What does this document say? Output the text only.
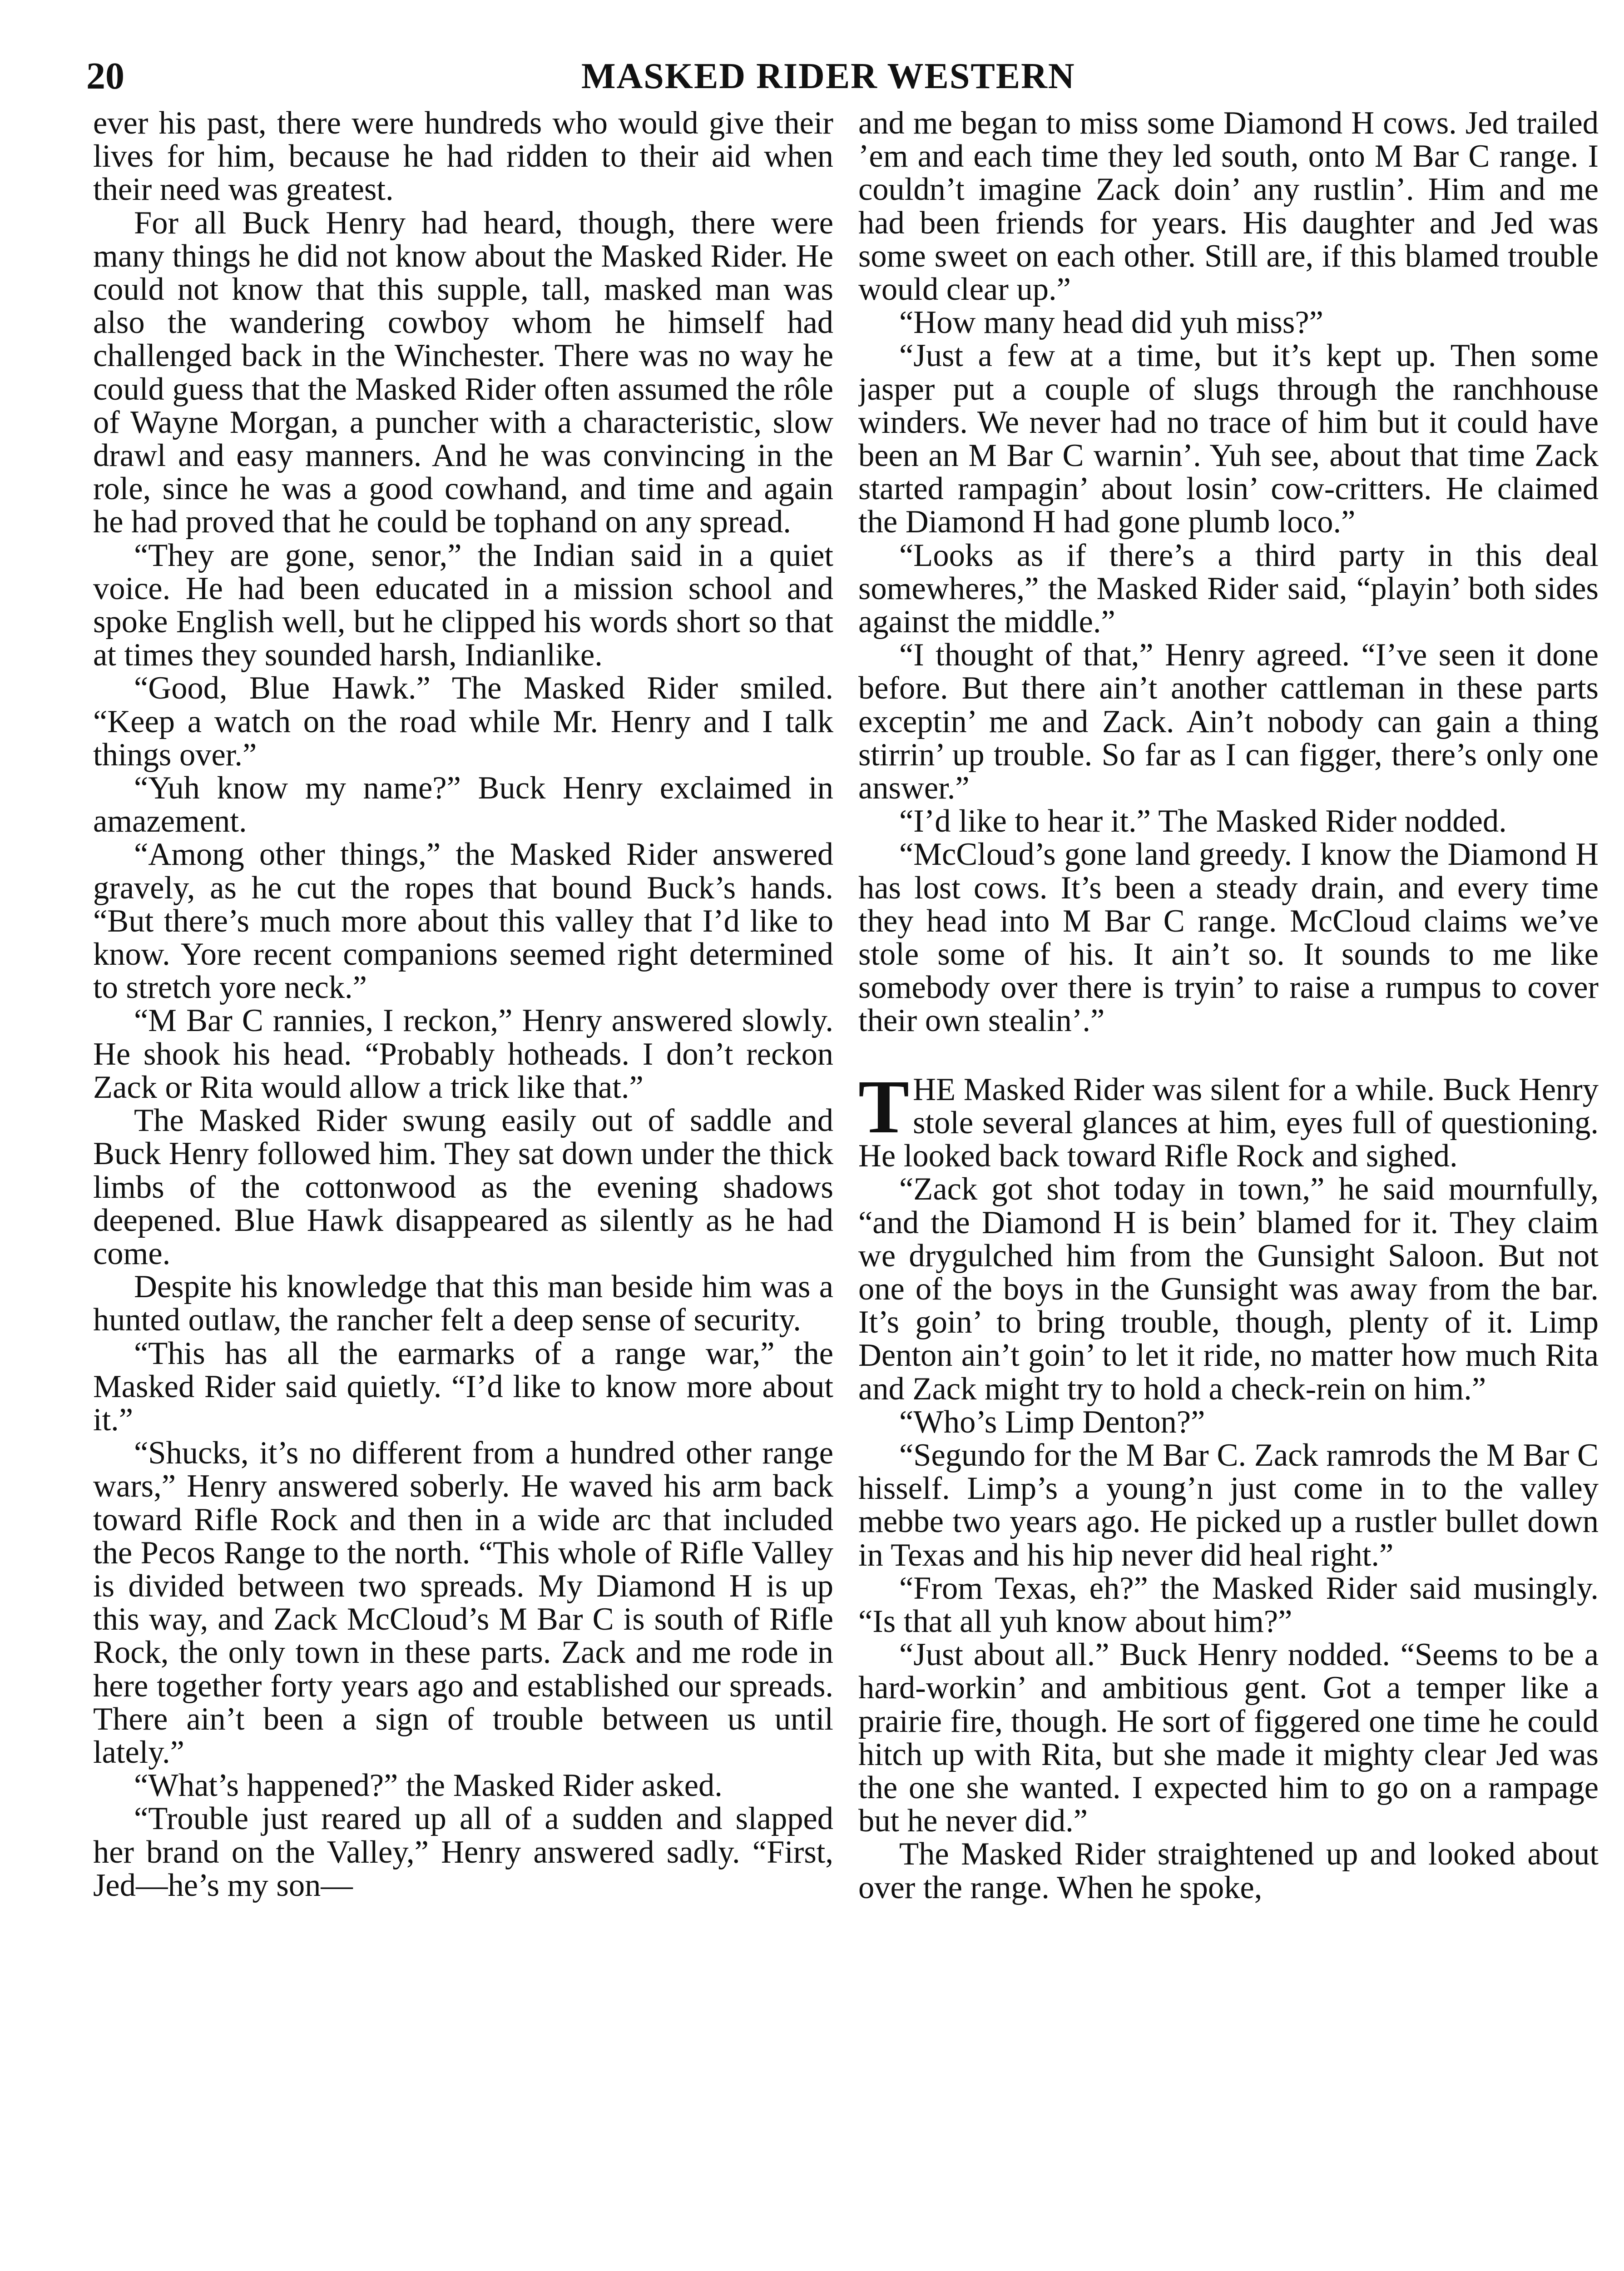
20	MASKED RIDER WESTERN

ever his past, there were hundreds who would give their lives for him, because he had ridden to their aid when their need was greatest.

For all Buck Henry had heard, though, there were many things he did not know about the Masked Rider. He could not know that this supple, tall, masked man was also the wandering cowboy whom he himself had challenged back in the Winchester. There was no way he could guess that the Masked Rider often assumed the rôle of Wayne Morgan, a puncher with a characteristic, slow drawl and easy manners. And he was convincing in the role, since he was a good cowhand, and time and again he had proved that he could be tophand on any spread.

“They are gone, senor,” the Indian said in a quiet voice. He had been educated in a mission school and spoke English well, but he clipped his words short so that at times they sounded harsh, Indianlike.

“Good, Blue Hawk.” The Masked Rider smiled. “Keep a watch on the road while Mr. Henry and I talk things over.”

“Yuh know my name?” Buck Henry exclaimed in amazement.

“Among other things,” the Masked Rider answered gravely, as he cut the ropes that bound Buck’s hands. “But there’s much more about this valley that I’d like to know. Yore recent companions seemed right determined to stretch yore neck.”

“M Bar C rannies, I reckon,” Henry answered slowly. He shook his head. “Probably hotheads. I don’t reckon Zack or Rita would allow a trick like that.”

The Masked Rider swung easily out of saddle and Buck Henry followed him. They sat down under the thick limbs of the cottonwood as the evening shadows deepened. Blue Hawk disappeared as silently as he had come.

Despite his knowledge that this man beside him was a hunted outlaw, the rancher felt a deep sense of security.

“This has all the earmarks of a range war,” the Masked Rider said quietly. “I’d like to know more about it.”

“Shucks, it’s no different from a hundred other range wars,” Henry answered soberly. He waved his arm back toward Rifle Rock and then in a wide arc that included the Pecos Range to the north. “This whole of Rifle Valley is divided between two spreads. My Diamond H is up this way, and Zack McCloud’s M Bar C is south of Rifle Rock, the only town in these parts. Zack and me rode in here together forty years ago and established our spreads. There ain’t been a sign of trouble between us until lately.”

“What’s happened?” the Masked Rider asked.

“Trouble just reared up all of a sudden and slapped her brand on the Valley,” Henry answered sadly. “First, Jed—he’s my son—

and me began to miss some Diamond H cows. Jed trailed ’em and each time they led south, onto M Bar C range. I couldn’t imagine Zack doin’ any rustlin’. Him and me had been friends for years. His daughter and Jed was some sweet on each other. Still are, if this blamed trouble would clear up.”

“How many head did yuh miss?”

“Just a few at a time, but it’s kept up. Then some jasper put a couple of slugs through the ranchhouse winders. We never had no trace of him but it could have been an M Bar C warnin’. Yuh see, about that time Zack started rampagin’ about losin’ cow-critters. He claimed the Diamond H had gone plumb loco.”

“Looks as if there’s a third party in this deal somewheres,” the Masked Rider said, “playin’ both sides against the middle.”

“I thought of that,” Henry agreed. “I’ve seen it done before. But there ain’t another cattleman in these parts exceptin’ me and Zack. Ain’t nobody can gain a thing stirrin’ up trouble. So far as I can figger, there’s only one answer.”

“I’d like to hear it.” The Masked Rider nodded.

“McCloud’s gone land greedy. I know the Diamond H has lost cows. It’s been a steady drain, and every time they head into M Bar C range. McCloud claims we’ve stole some of his. It ain’t so. It sounds to me like somebody over there is tryin’ to raise a rumpus to cover their own stealin’.”

THE Masked Rider was silent for a while. Buck Henry stole several glances at him, eyes full of questioning. He looked back toward Rifle Rock and sighed.

“Zack got shot today in town,” he said mournfully, “and the Diamond H is bein’ blamed for it. They claim we drygulched him from the Gunsight Saloon. But not one of the boys in the Gunsight was away from the bar. It’s goin’ to bring trouble, though, plenty of it. Limp Denton ain’t goin’ to let it ride, no matter how much Rita and Zack might try to hold a check-rein on him.”

“Who’s Limp Denton?”

“Segundo for the M Bar C. Zack ramrods the M Bar C hisself. Limp’s a young’n just come in to the valley mebbe two years ago. He picked up a rustler bullet down in Texas and his hip never did heal right.”

“From Texas, eh?” the Masked Rider said musingly. “Is that all yuh know about him?”

“Just about all.” Buck Henry nodded. “Seems to be a hard-workin’ and ambitious gent. Got a temper like a prairie fire, though. He sort of figgered one time he could hitch up with Rita, but she made it mighty clear Jed was the one she wanted. I expected him to go on a rampage but he never did.”

The Masked Rider straightened up and looked about over the range. When he spoke,
